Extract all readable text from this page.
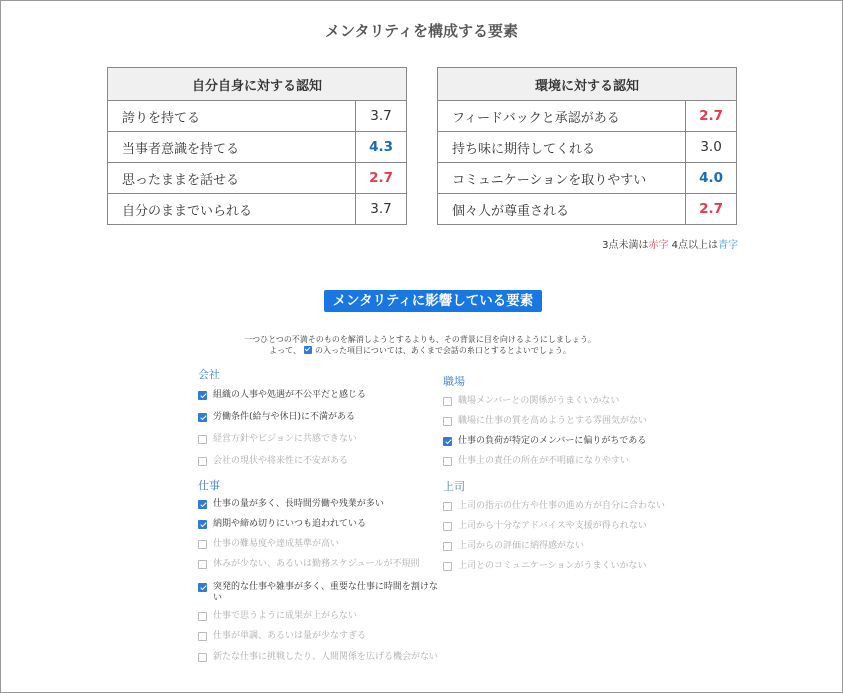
メンタリティを構成する要素
自分自身に対する認知	
誇りを持てる	3.7
当事者意識を持てる	4.3
思ったままを話せる	2.7
自分のままでいられる	3.7
環境に対する認知	
フィードバックと承認がある	2.7
持ち味に期待してくれる	3.0
コミュニケーションを取りやすい	4.0
個々人が尊重される	2.7
3点未満は赤字 4点以上は青字
メンタリティに影響している要素
一つひとつの不満そのものを解消しようとするよりも、その背景に目を向けるようにしましょう。
よって、 の入った項目については、あくまで会話の糸口とするとよいでしょう。
会社
組織の人事や処遇が不公平だと感じる
労働条件(給与や休日)に不満がある
経営方針やビジョンに共感できない
会社の現状や将来性に不安がある
仕事
仕事の量が多く、長時間労働や残業が多い
納期や締め切りにいつも追われている
仕事の難易度や達成基準が高い
休みが少ない、あるいは勤務スケジュールが不規則
突発的な仕事や雑事が多く、重要な仕事に時間を割けない
仕事で思うように成果が上がらない
仕事が単調、あるいは量が少なすぎる
新たな仕事に挑戦したり、人間関係を広げる機会がない
職場
職場メンバーとの関係がうまくいかない
職場に仕事の質を高めようとする雰囲気がない
仕事の負荷が特定のメンバーに偏りがちである
仕事上の責任の所在が不明確になりやすい
上司
上司の指示の仕方や仕事の進め方が自分に合わない
上司から十分なアドバイスや支援が得られない
上司からの評価に納得感がない
上司とのコミュニケーションがうまくいかない
